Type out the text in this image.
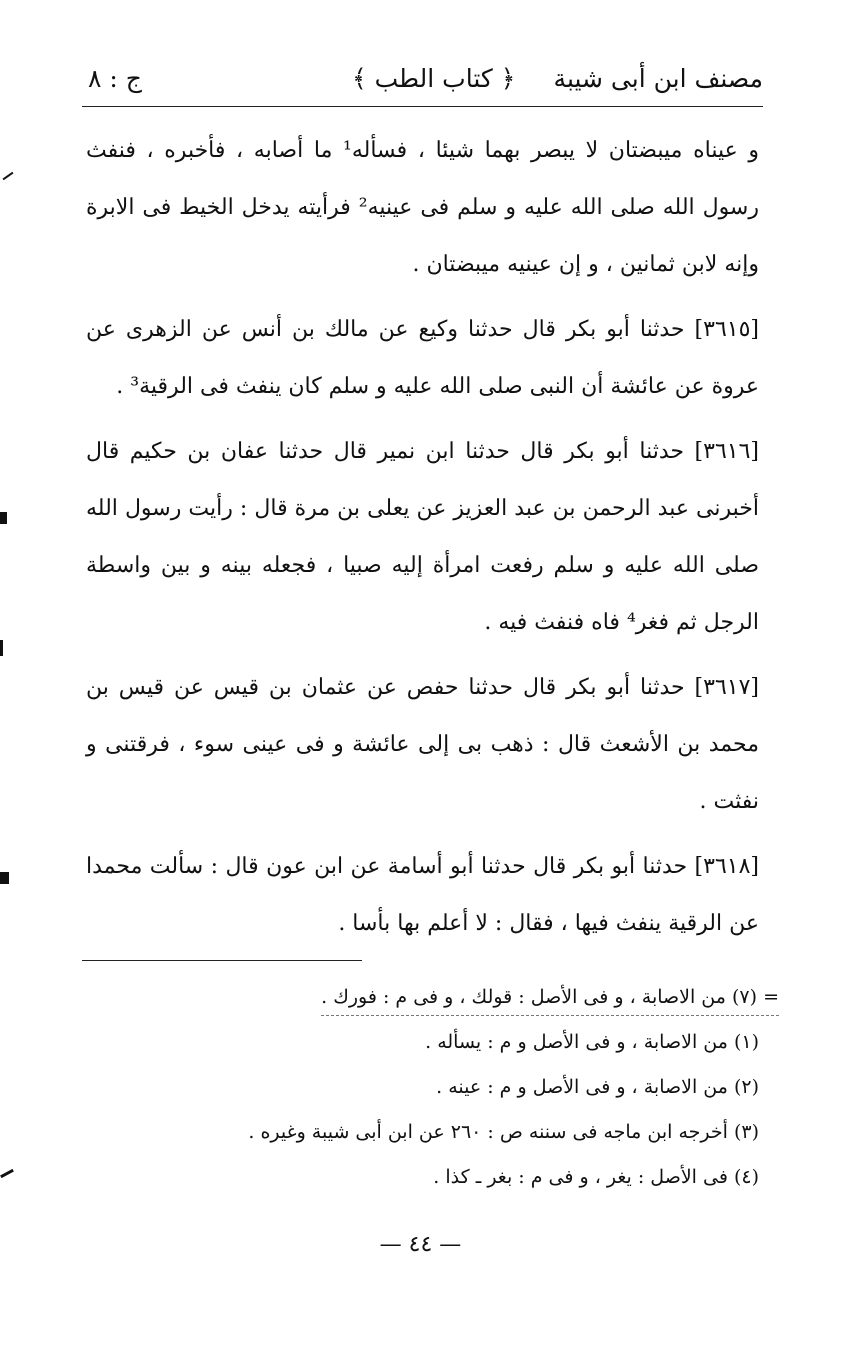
ج : ٨	﴿ كتاب الطب ﴾ مصنف ابن أبى شيبة

و عيناه ميبضتان لا يبصر بهما شيئا ، فسأله¹ ما أصابه ، فأخبره ، فنفث رسول الله صلى الله عليه و سلم فى عينيه² فرأيته يدخل الخيط فى الابرة وإنه لابن ثمانين ، و إن عينيه ميبضتان .

[٣٦١٥] حدثنا أبو بكر قال حدثنا وكيع عن مالك بن أنس عن الزهرى عن عروة عن عائشة أن النبى صلى الله عليه و سلم كان ينفث فى الرقية³ .

[٣٦١٦] حدثنا أبو بكر قال حدثنا ابن نمير قال حدثنا عفان بن حكيم قال أخبرنى عبد الرحمن بن عبد العزيز عن يعلى بن مرة قال : رأيت رسول الله صلى الله عليه و سلم رفعت امرأة إليه صبيا ، فجعله بينه و بين واسطة الرجل ثم فغر⁴ فاه فنفث فيه .

[٣٦١٧] حدثنا أبو بكر قال حدثنا حفص عن عثمان بن قيس عن قيس بن محمد بن الأشعث قال : ذهب بى إلى عائشة و فى عينى سوء ، فرقتنى و نفثت .

[٣٦١٨] حدثنا أبو بكر قال حدثنا أبو أسامة عن ابن عون قال : سألت محمدا عن الرقية ينفث فيها ، فقال : لا أعلم بها بأسا .

= (٧) من الاصابة ، و فى الأصل : قولك ، و فى م : فورك .
(١) من الاصابة ، و فى الأصل و م : يسأله .
(٢) من الاصابة ، و فى الأصل و م : عينه .
(٣) أخرجه ابن ماجه فى سننه ص : ٢٦٠ عن ابن أبى شيبة وغيره .
(٤) فى الأصل : يغر ، و فى م : بغر ـ كذا .
— ٤٤ —
